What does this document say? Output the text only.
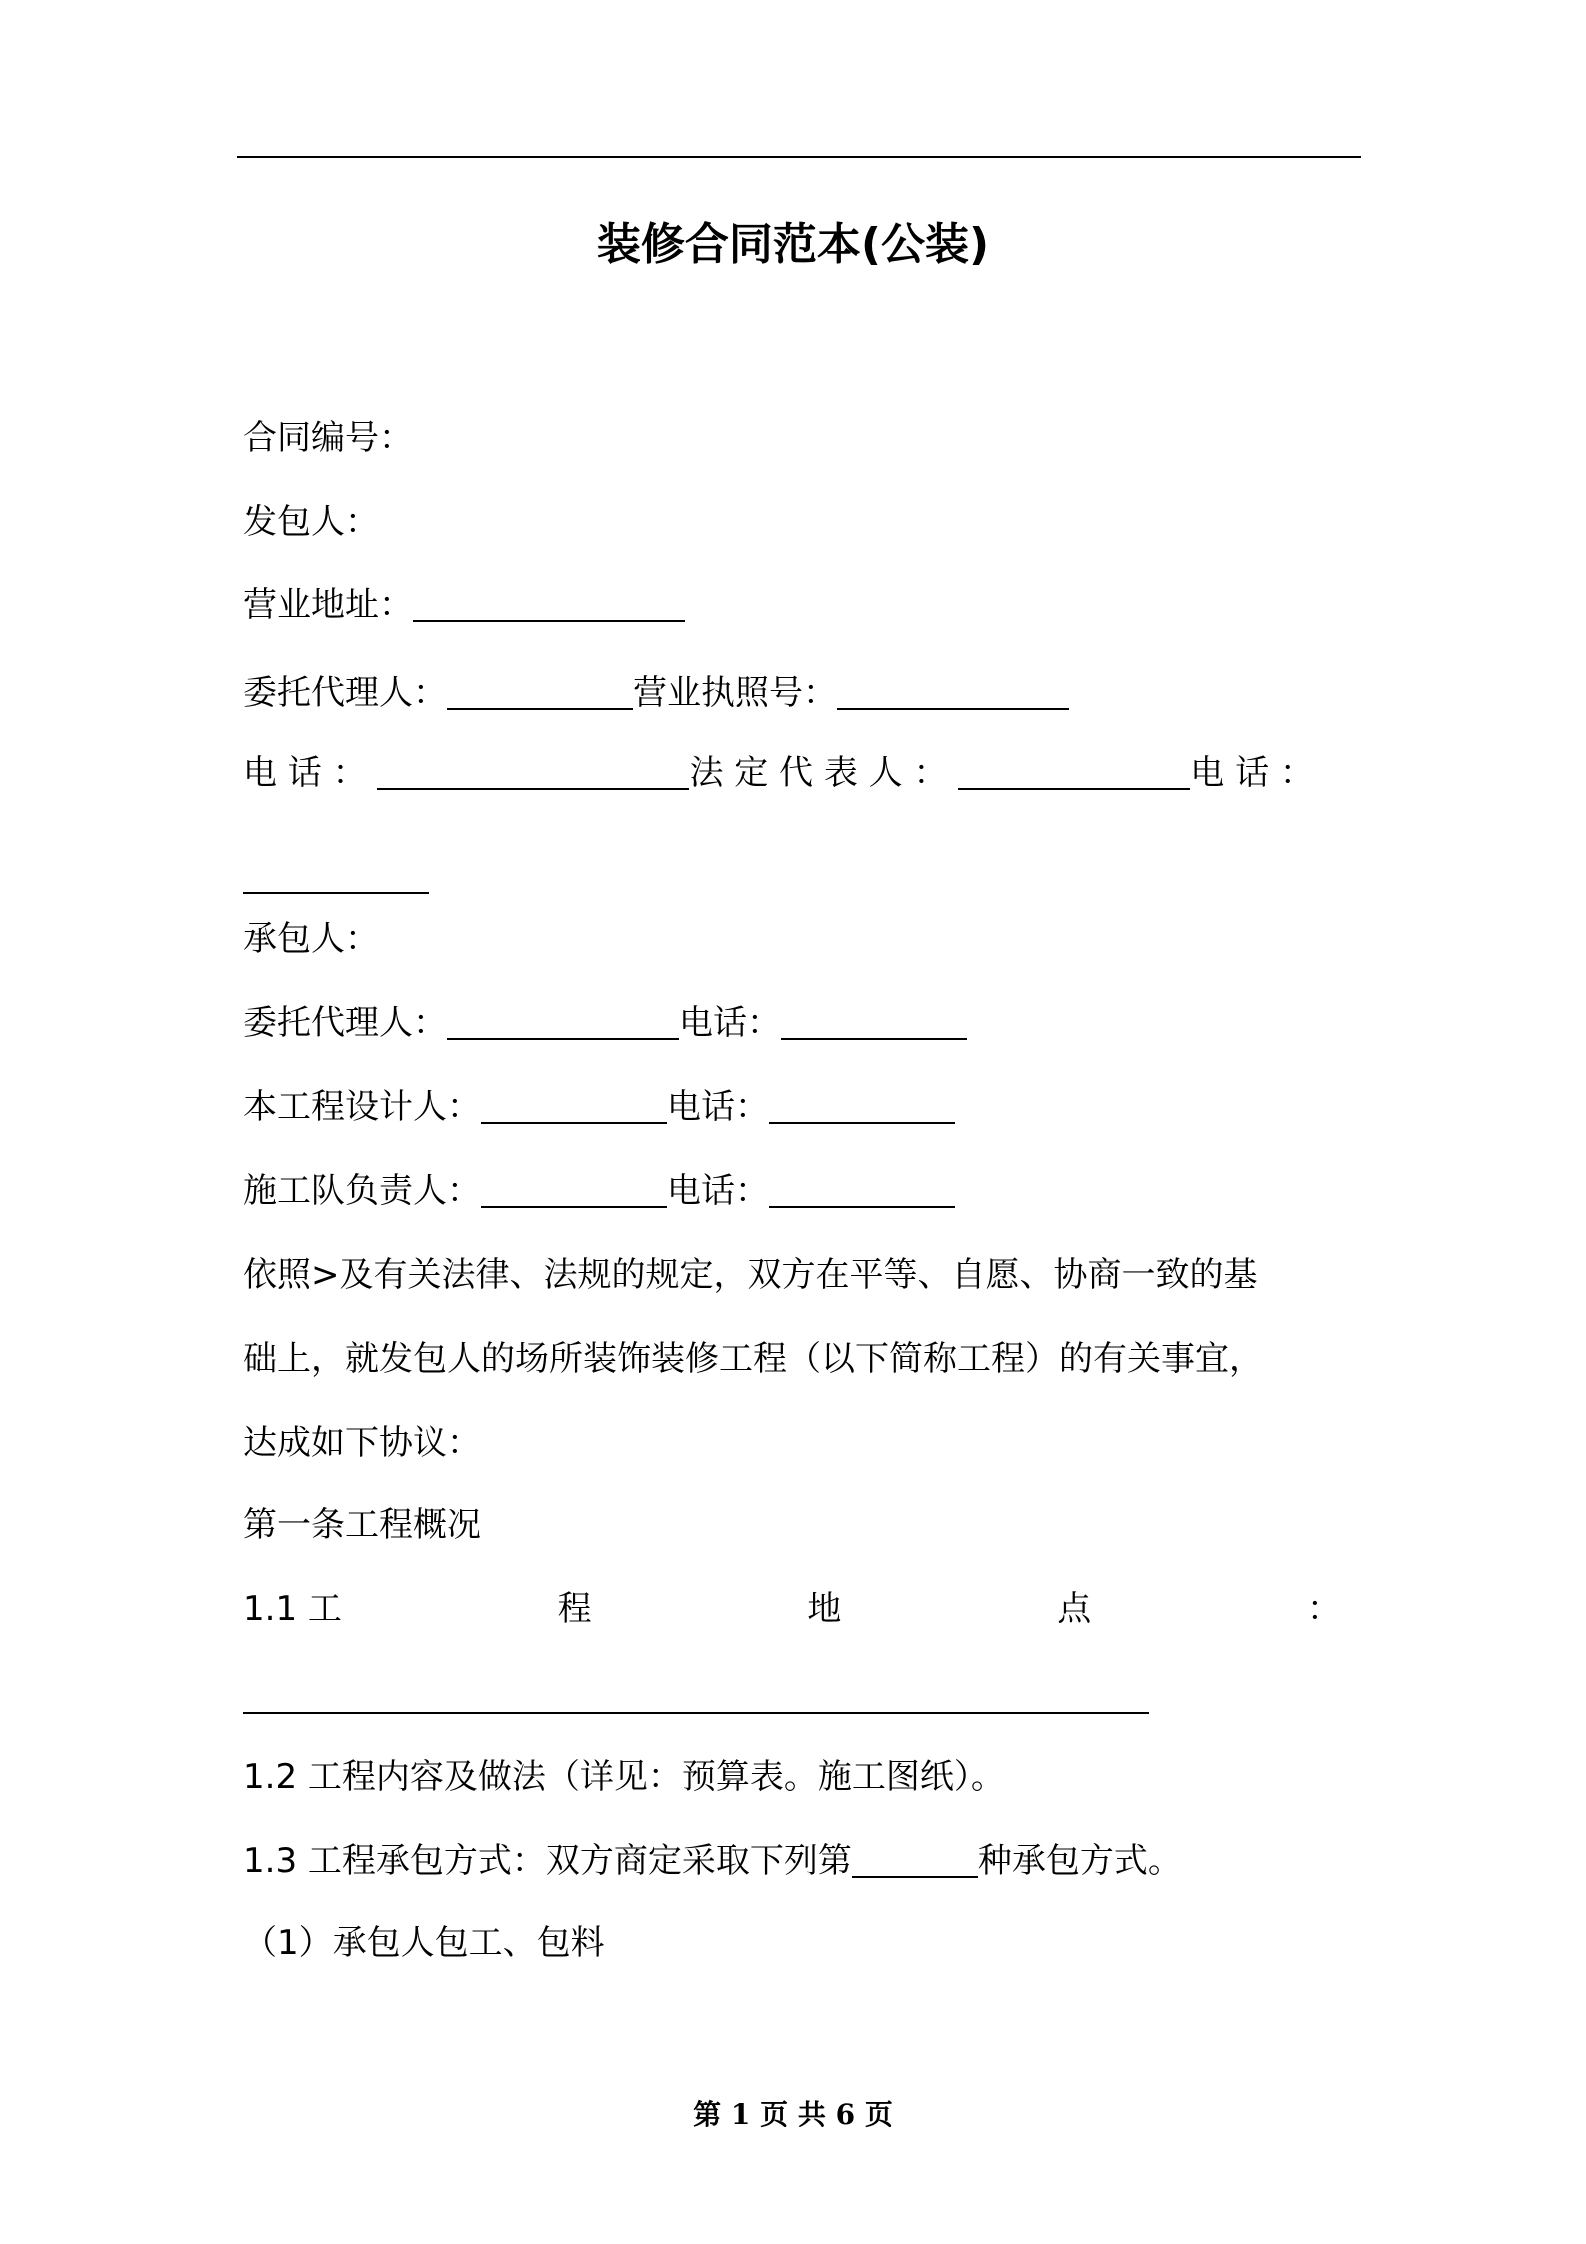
装修合同范本(公装)
合同编号：
发包人：
营业地址：
委托代理人：	营业执照号：
电 话 ：	法 定 代 表 人 ：	电 话 ：
承包人：
委托代理人：	电话：
本工程设计人：	电话：
施工队负责人：	电话：
依照>及有关法律、法规的规定，双方在平等、自愿、协商一致的基
础上，就发包人的场所装饰装修工程（以下简称工程）的有关事宜，
达成如下协议：
第一条工程概况
1.1 工	程	地	点	：
1.2 工程内容及做法（详见：预算表。施工图纸）。
1.3 工程承包方式：双方商定采取下列第	种承包方式。
（1）承包人包工、包料
第 1 页 共 6 页
